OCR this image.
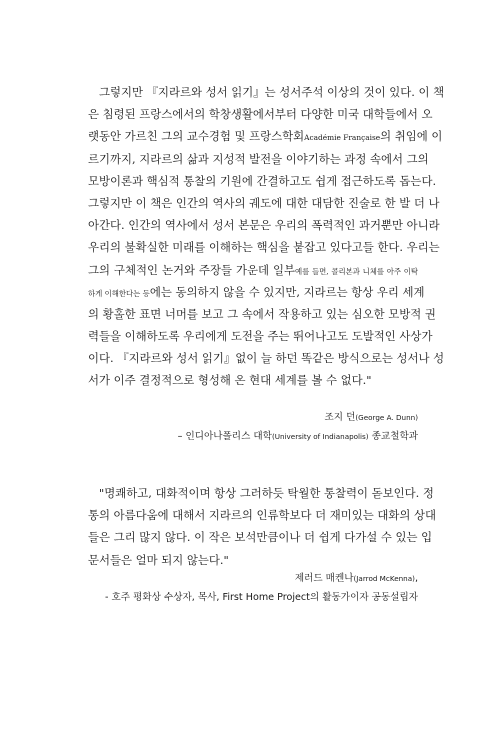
그렇지만 『지라르와 성서 읽기』는 성서주석 이상의 것이 있다. 이 책
은 침령된 프랑스에서의 학창생활에서부터 다양한 미국 대학들에서 오
랫동안 가르친 그의 교수경험 및 프랑스학회Académie Française의 취임에 이
르기까지, 지라르의 삶과 지성적 발전을 이야기하는 과정 속에서 그의
모방이론과 핵심적 통찰의 기원에 간결하고도 쉽게 접근하도록 돕는다.
그렇지만 이 책은 인간의 역사의 궤도에 대한 대담한 진술로 한 발 더 나
아간다. 인간의 역사에서 성서 본문은 우리의 폭력적인 과거뿐만 아니라
우리의 불확실한 미래를 이해하는 핵심을 붙잡고 있다고들 한다. 우리는
그의 구체적인 논거와 주장들 가운데 일부예를 들면, 콜리본과 니체를 아주 이탁
하게 이해한다는 등에는 동의하지 않을 수 있지만, 지라르는 항상 우리 세계
의 황홀한 표면 너머를 보고 그 속에서 작용하고 있는 심오한 모방적 권
력들을 이해하도록 우리에게 도전을 주는 뛰어나고도 도발적인 사상가
이다. 『지라르와 성서 읽기』없이 늘 하던 똑같은 방식으로는 성서나 성
서가 이주 결정적으로 형성해 온 현대 세계를 볼 수 없다."
조지 던(George A. Dunn)
– 인디아나폴리스 대학(University of Indianapolis) 종교철학과
"명쾌하고, 대화적이며 항상 그러하듯 탁월한 통찰력이 돋보인다. 정
통의 아름다움에 대해서 지라르의 인류학보다 더 재미있는 대화의 상대
들은 그리 많지 않다. 이 작은 보석만큼이나 더 쉽게 다가설 수 있는 입
문서들은 얼마 되지 않는다."
제러드 매켄나(Jarrod McKenna),
- 호주 평화상 수상자, 목사, First Home Project의 활동가이자 공동설립자
